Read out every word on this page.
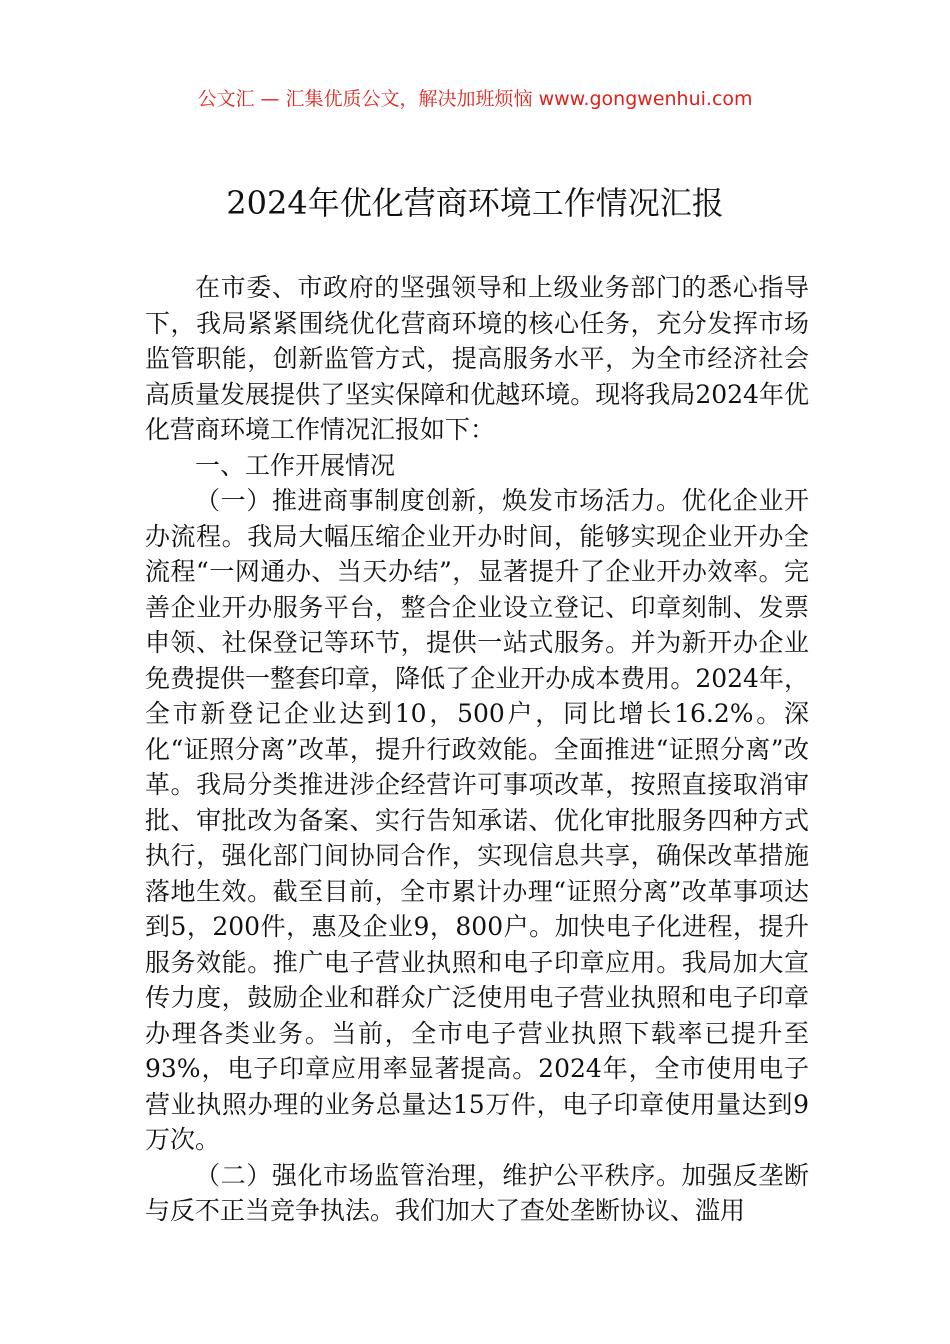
公文汇 — 汇集优质公文，解决加班烦恼 www.gongwenhui.com
2024年优化营商环境工作情况汇报

在市委、市政府的坚强领导和上级业务部门的悉心指导下，我局紧紧围绕优化营商环境的核心任务，充分发挥市场监管职能，创新监管方式，提高服务水平，为全市经济社会高质量发展提供了坚实保障和优越环境。现将我局2024年优化营商环境工作情况汇报如下：

一、工作开展情况

（一）推进商事制度创新，焕发市场活力。优化企业开办流程。我局大幅压缩企业开办时间，能够实现企业开办全流程“一网通办、当天办结”，显著提升了企业开办效率。完善企业开办服务平台，整合企业设立登记、印章刻制、发票申领、社保登记等环节，提供一站式服务。并为新开办企业免费提供一整套印章，降低了企业开办成本费用。2024年，全市新登记企业达到10，500户，同比增长16.2%。深化“证照分离”改革，提升行政效能。全面推进“证照分离”改革。我局分类推进涉企经营许可事项改革，按照直接取消审批、审批改为备案、实行告知承诺、优化审批服务四种方式执行，强化部门间协同合作，实现信息共享，确保改革措施落地生效。截至目前，全市累计办理“证照分离”改革事项达到5，200件，惠及企业9，800户。加快电子化进程，提升服务效能。推广电子营业执照和电子印章应用。我局加大宣传力度，鼓励企业和群众广泛使用电子营业执照和电子印章办理各类业务。当前，全市电子营业执照下载率已提升至93%，电子印章应用率显著提高。2024年，全市使用电子营业执照办理的业务总量达15万件，电子印章使用量达到9万次。

（二）强化市场监管治理，维护公平秩序。加强反垄断与反不正当竞争执法。我们加大了查处垄断协议、滥用
